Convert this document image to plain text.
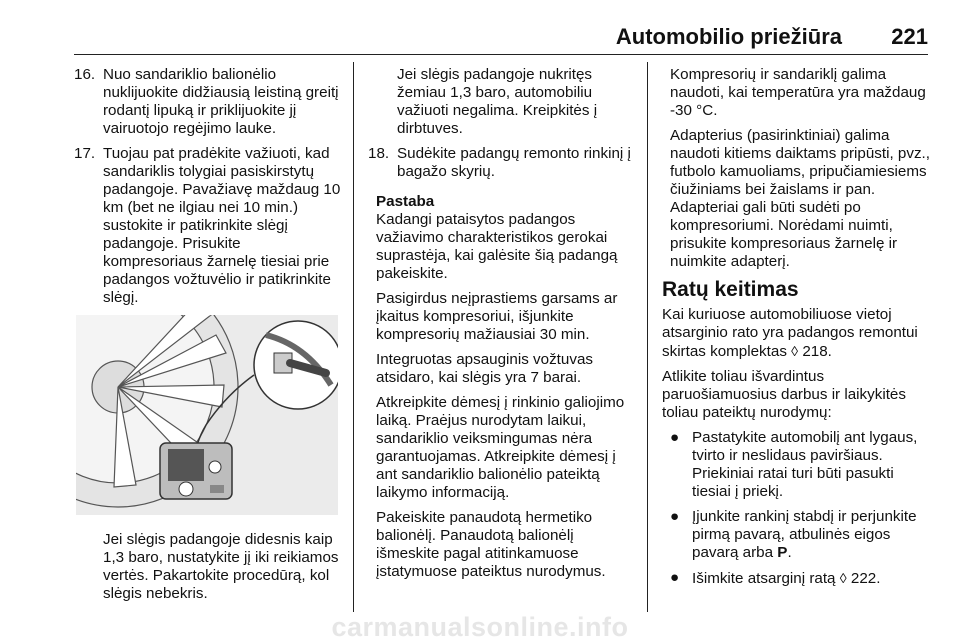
Automobilio priežiūra 221
16. Nuo sandariklio balionėlio nuklijuokite didžiausią leistiną greitį rodantį lipuką ir priklijuokite jį vairuotojo regėjimo lauke.
17. Tuojau pat pradėkite važiuoti, kad sandariklis tolygiai pasiskirstytų padangoje. Pavažiavę maždaug 10 km (bet ne ilgiau nei 10 min.) sustokite ir patikrinkite slėgį padangoje. Prisukite kompresoriaus žarnelę tiesiai prie padangos vožtuvėlio ir patikrinkite slėgį.

Jei slėgis padangoje didesnis kaip 1,3 baro, nustatykite jį iki reikiamos vertės. Pakartokite procedūrą, kol slėgis nebekris.

Jei slėgis padangoje nukritęs žemiau 1,3 baro, automobiliu važiuoti negalima. Kreipkitės į dirbtuves.

18. Sudėkite padangų remonto rinkinį į bagažo skyrių.

Pastaba

Kadangi pataisytos padangos važiavimo charakteristikos gerokai suprastėja, kai galėsite šią padangą pakeiskite.

Pasigirdus neįprastiems garsams ar įkaitus kompresoriui, išjunkite kompresorių mažiausiai 30 min.

Integruotas apsauginis vožtuvas atsidaro, kai slėgis yra 7 barai.

Atkreipkite dėmesį į rinkinio galiojimo laiką. Praėjus nurodytam laikui, sandariklio veiksmingumas nėra garantuojamas. Atkreipkite dėmesį į ant sandariklio balionėlio pateiktą laikymo informaciją.

Pakeiskite panaudotą hermetiko balionėlį. Panaudotą balionėlį išmeskite pagal atitinkamuose įstatymuose pateiktus nurodymus.

Kompresorių ir sandariklį galima naudoti, kai temperatūra yra maždaug -30 °C.

Adapterius (pasirinktiniai) galima naudoti kitiems daiktams pripūsti, pvz., futbolo kamuoliams, pripučiamiesiems čiužiniams bei žaislams ir pan. Adapteriai gali būti sudėti po kompresoriumi. Norėdami nuimti, prisukite kompresoriaus žarnelę ir nuimkite adapterį.

Ratų keitimas

Kai kuriuose automobiliuose vietoj atsarginio rato yra padangos remontui skirtas komplektas ◊ 218.

Atlikite toliau išvardintus paruošiamuosius darbus ir laikykitės toliau pateiktų nurodymų:

● Pastatykite automobilį ant lygaus, tvirto ir neslidaus paviršiaus. Priekiniai ratai turi būti pasukti tiesiai į priekį.
● Įjunkite rankinį stabdį ir perjunkite pirmą pavarą, atbulinės eigos pavarą arba P.
● Išimkite atsarginį ratą ◊ 222.
carmanualsonline.info
